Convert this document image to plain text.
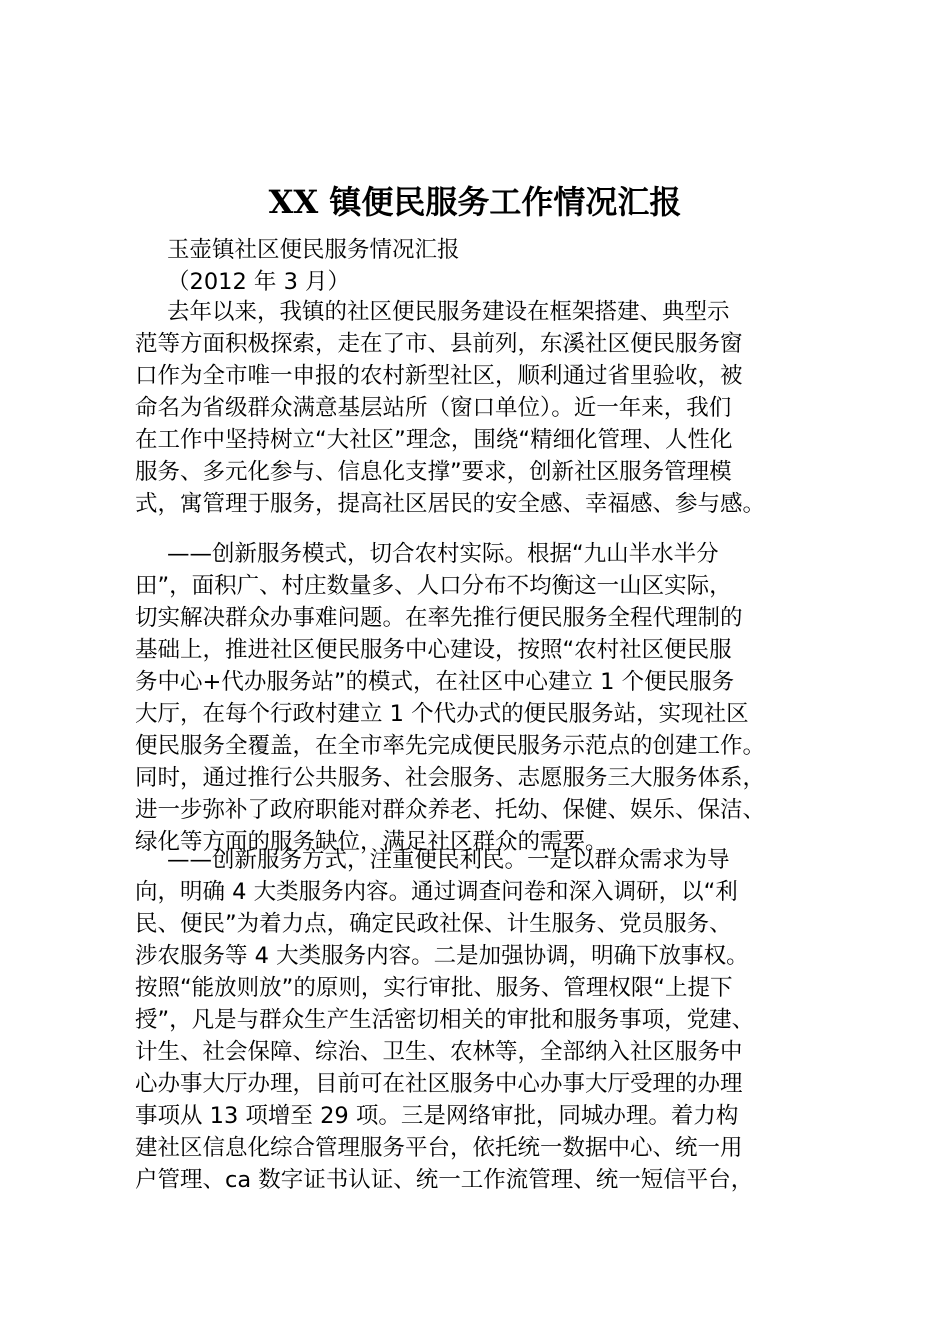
XX 镇便民服务工作情况汇报
玉壶镇社区便民服务情况汇报
（2012 年 3 月）
去年以来，我镇的社区便民服务建设在框架搭建、典型示
范等方面积极探索，走在了市、县前列，东溪社区便民服务窗
口作为全市唯一申报的农村新型社区，顺利通过省里验收，被
命名为省级群众满意基层站所（窗口单位）。近一年来，我们
在工作中坚持树立“大社区”理念，围绕“精细化管理、人性化
服务、多元化参与、信息化支撑”要求，创新社区服务管理模
式，寓管理于服务，提高社区居民的安全感、幸福感、参与感。
——创新服务模式，切合农村实际。根据“九山半水半分
田”，面积广、村庄数量多、人口分布不均衡这一山区实际，
切实解决群众办事难问题。在率先推行便民服务全程代理制的
基础上，推进社区便民服务中心建设，按照“农村社区便民服
务中心+代办服务站”的模式，在社区中心建立 1 个便民服务
大厅，在每个行政村建立 1 个代办式的便民服务站，实现社区
便民服务全覆盖，在全市率先完成便民服务示范点的创建工作。
同时，通过推行公共服务、社会服务、志愿服务三大服务体系，
进一步弥补了政府职能对群众养老、托幼、保健、娱乐、保洁、
绿化等方面的服务缺位，满足社区群众的需要。
——创新服务方式，注重便民利民。一是以群众需求为导
向，明确 4 大类服务内容。通过调查问卷和深入调研，以“利
民、便民”为着力点，确定民政社保、计生服务、党员服务、
涉农服务等 4 大类服务内容。二是加强协调，明确下放事权。
按照“能放则放”的原则，实行审批、服务、管理权限“上提下
授”，凡是与群众生产生活密切相关的审批和服务事项，党建、
计生、社会保障、综治、卫生、农林等，全部纳入社区服务中
心办事大厅办理，目前可在社区服务中心办事大厅受理的办理
事项从 13 项增至 29 项。三是网络审批，同城办理。着力构
建社区信息化综合管理服务平台，依托统一数据中心、统一用
户管理、ca 数字证书认证、统一工作流管理、统一短信平台，
